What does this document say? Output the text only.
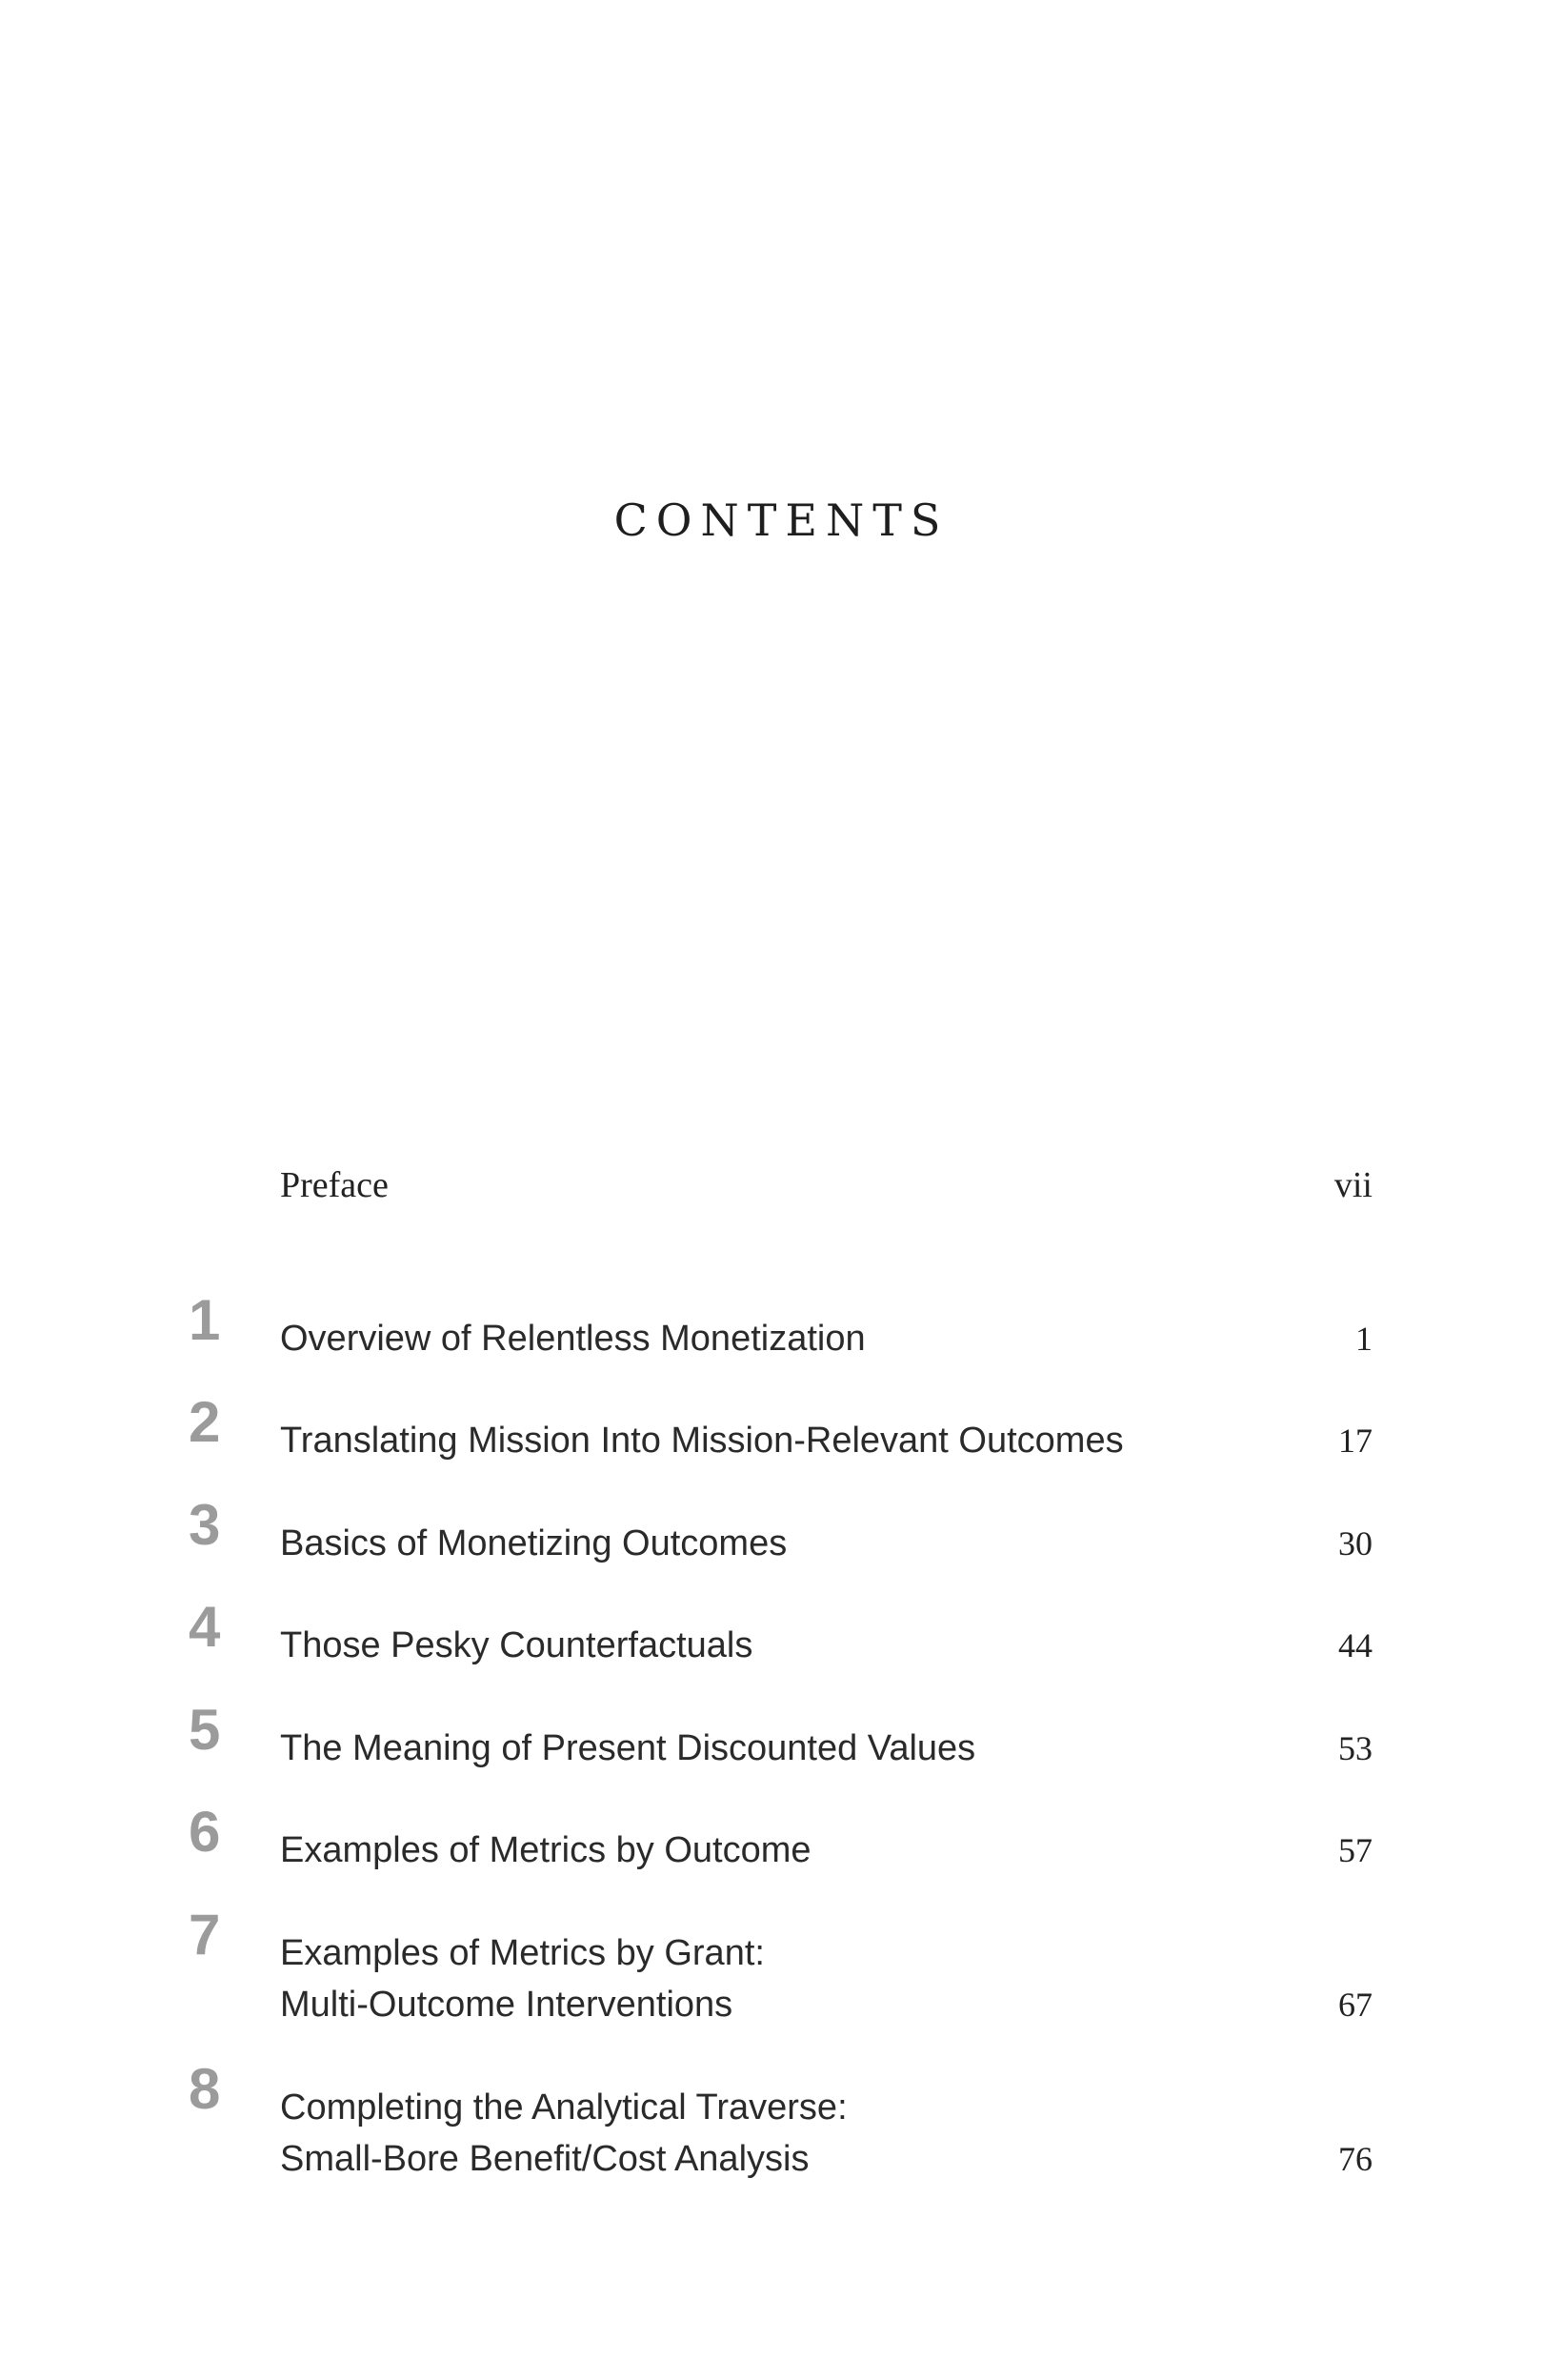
CONTENTS
Preface	vii
1 Overview of Relentless Monetization	1
2 Translating Mission Into Mission-Relevant Outcomes	17
3 Basics of Monetizing Outcomes	30
4 Those Pesky Counterfactuals	44
5 The Meaning of Present Discounted Values	53
6 Examples of Metrics by Outcome	57
7 Examples of Metrics by Grant:
Multi-Outcome Interventions	67
8 Completing the Analytical Traverse:
Small-Bore Benefit/Cost Analysis	76
